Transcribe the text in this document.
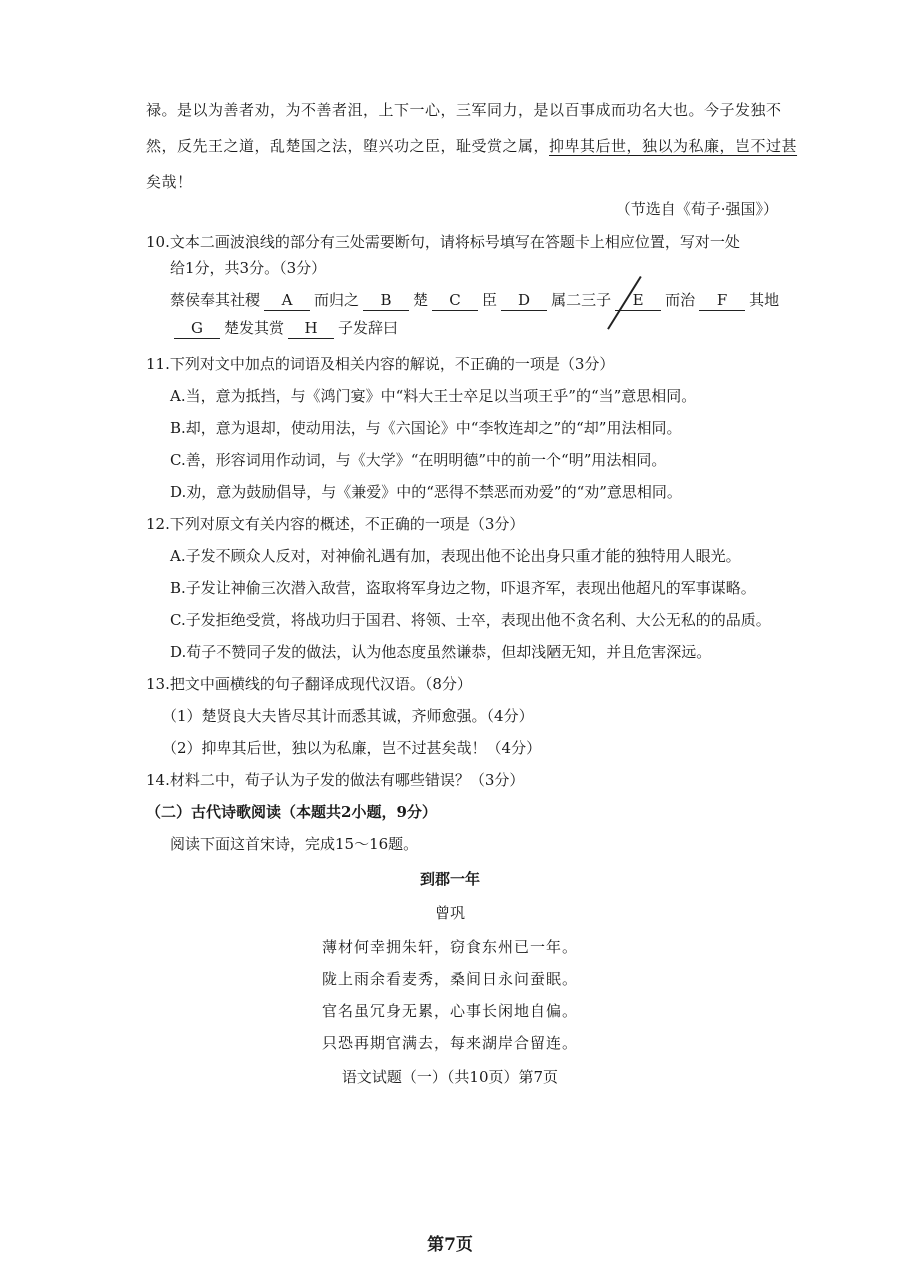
禄。是以为善者劝，为不善者沮，上下一心，三军同力，是以百事成而功名大也。今子发独不
然，反先王之道，乱楚国之法，堕兴功之臣，耻受赏之属，抑卑其后世，独以为私廉，岂不过甚
矣哉！
（节选自《荀子·强国》）
10.文本二画波浪线的部分有三处需要断句，请将标号填写在答题卡上相应位置，写对一处
给1分，共3分。（3分）
蔡侯奉其社稷 A 而归之 B 楚 C 臣 D 属二三子 E 而治 F 其地
G 楚发其赏 H 子发辞曰
11.下列对文中加点的词语及相关内容的解说，不正确的一项是（3分）
A.当，意为抵挡，与《鸿门宴》中“料大王士卒足以当项王乎”的“当”意思相同。
B.却，意为退却，使动用法，与《六国论》中“李牧连却之”的“却”用法相同。
C.善，形容词用作动词，与《大学》“在明明德”中的前一个“明”用法相同。
D.劝，意为鼓励倡导，与《兼爱》中的“恶得不禁恶而劝爱”的“劝”意思相同。
12.下列对原文有关内容的概述，不正确的一项是（3分）
A.子发不顾众人反对，对神偷礼遇有加，表现出他不论出身只重才能的独特用人眼光。
B.子发让神偷三次潜入敌营，盗取将军身边之物，吓退齐军，表现出他超凡的军事谋略。
C.子发拒绝受赏，将战功归于国君、将领、士卒，表现出他不贪名利、大公无私的的品质。
D.荀子不赞同子发的做法，认为他态度虽然谦恭，但却浅陋无知，并且危害深远。
13.把文中画横线的句子翻译成现代汉语。（8分）
（1）楚贤良大夫皆尽其计而悉其诚，齐师愈强。（4分）
（2）抑卑其后世，独以为私廉，岂不过甚矣哉！（4分）
14.材料二中，荀子认为子发的做法有哪些错误？（3分）
（二）古代诗歌阅读（本题共2小题，9分）
阅读下面这首宋诗，完成15～16题。
到郡一年
曾巩
薄材何幸拥朱轩，窃食东州已一年。
陇上雨余看麦秀，桑间日永问蚕眠。
官名虽冗身无累，心事长闲地自偏。
只恐再期官满去，每来湖岸合留连。
语文试题（一）（共10页）第7页
第7页
